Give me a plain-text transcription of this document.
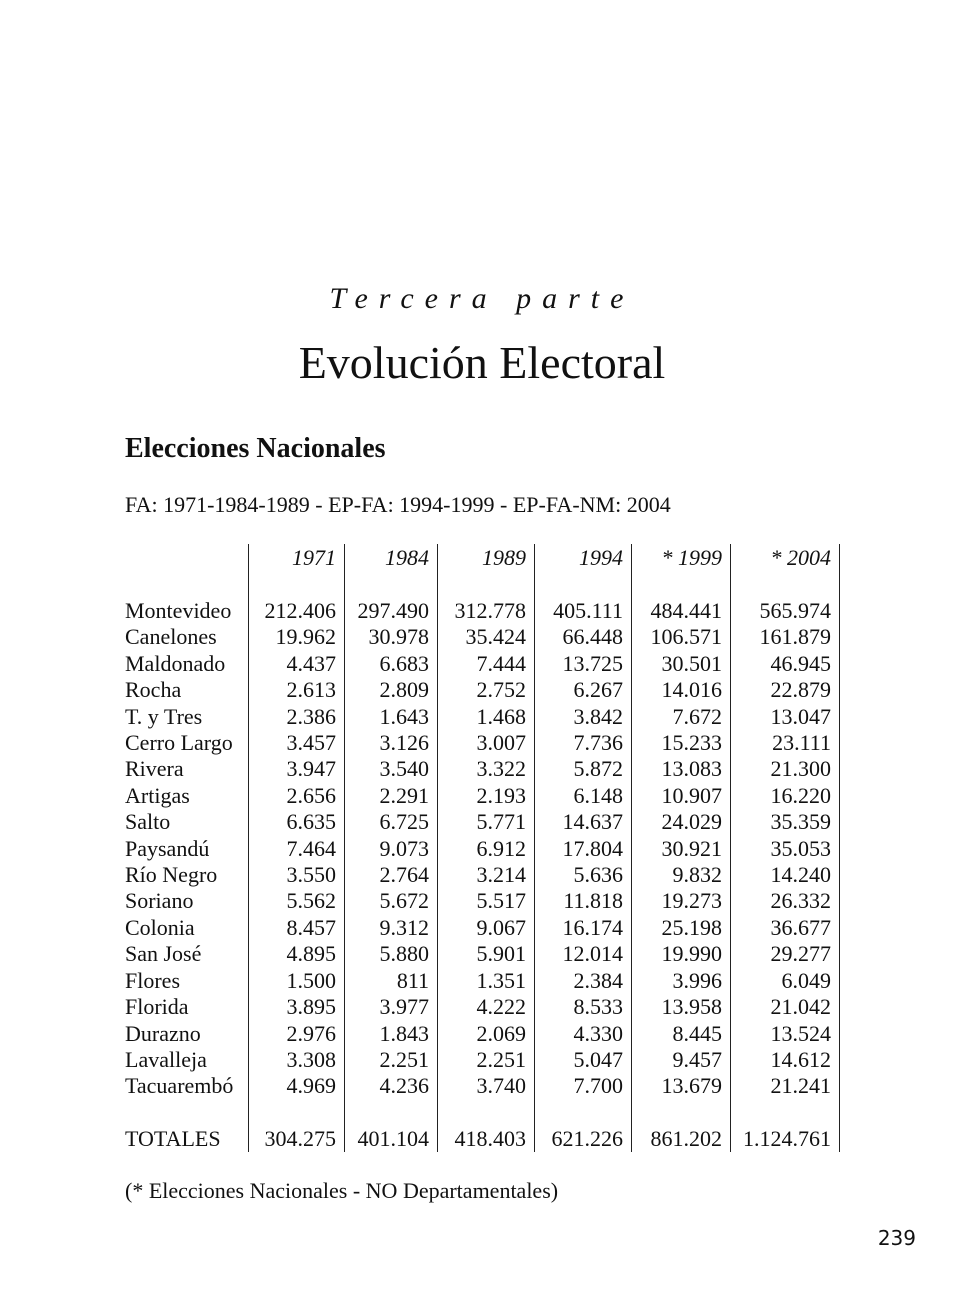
Tercera parte
Evolución Electoral
Elecciones Nacionales
FA: 1971-1984-1989 - EP-FA: 1994-1999 - EP-FA-NM: 2004
	1971	1984	1989	1994	* 1999	* 2004

Montevideo	212.406	297.490	312.778	405.111	484.441	565.974
Canelones	19.962	30.978	35.424	66.448	106.571	161.879
Maldonado	4.437	6.683	7.444	13.725	30.501	46.945
Rocha	2.613	2.809	2.752	6.267	14.016	22.879
T. y Tres	2.386	1.643	1.468	3.842	7.672	13.047
Cerro Largo	3.457	3.126	3.007	7.736	15.233	23.111
Rivera	3.947	3.540	3.322	5.872	13.083	21.300
Artigas	2.656	2.291	2.193	6.148	10.907	16.220
Salto	6.635	6.725	5.771	14.637	24.029	35.359
Paysandú	7.464	9.073	6.912	17.804	30.921	35.053
Río Negro	3.550	2.764	3.214	5.636	9.832	14.240
Soriano	5.562	5.672	5.517	11.818	19.273	26.332
Colonia	8.457	9.312	9.067	16.174	25.198	36.677
San José	4.895	5.880	5.901	12.014	19.990	29.277
Flores	1.500	811	1.351	2.384	3.996	6.049
Florida	3.895	3.977	4.222	8.533	13.958	21.042
Durazno	2.976	1.843	2.069	4.330	8.445	13.524
Lavalleja	3.308	2.251	2.251	5.047	9.457	14.612
Tacuarembó	4.969	4.236	3.740	7.700	13.679	21.241

TOTALES	304.275	401.104	418.403	621.226	861.202	1.124.761
(* Elecciones Nacionales - NO Departamentales)
239
